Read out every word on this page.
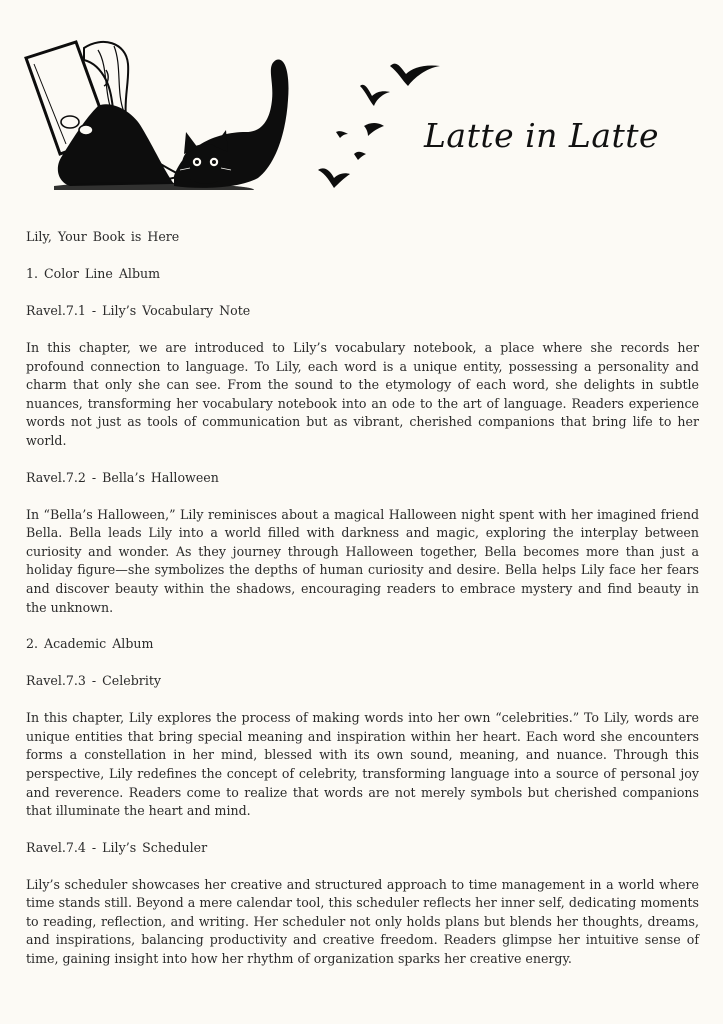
Latte in Latte

Lily, Your Book is Here

1. Color Line Album

Ravel.7.1 - Lily’s Vocabulary Note

In this chapter, we are introduced to Lily’s vocabulary notebook, a place where she records her profound connection to language. To Lily, each word is a unique entity, possessing a personality and charm that only she can see. From the sound to the etymology of each word, she delights in subtle nuances, transforming her vocabulary notebook into an ode to the art of language. Readers experience words not just as tools of communication but as vibrant, cherished companions that bring life to her world.

Ravel.7.2 - Bella’s Halloween

In “Bella’s Halloween,” Lily reminisces about a magical Halloween night spent with her imagined friend Bella. Bella leads Lily into a world filled with darkness and magic, exploring the interplay between curiosity and wonder. As they journey through Halloween together, Bella becomes more than just a holiday figure—she symbolizes the depths of human curiosity and desire. Bella helps Lily face her fears and discover beauty within the shadows, encouraging readers to embrace mystery and find beauty in the unknown.

2. Academic Album

Ravel.7.3 - Celebrity

In this chapter, Lily explores the process of making words into her own “celebrities.” To Lily, words are unique entities that bring special meaning and inspiration within her heart. Each word she encounters forms a constellation in her mind, blessed with its own sound, meaning, and nuance. Through this perspective, Lily redefines the concept of celebrity, transforming language into a source of personal joy and reverence. Readers come to realize that words are not merely symbols but cherished companions that illuminate the heart and mind.

Ravel.7.4 - Lily’s Scheduler

Lily’s scheduler showcases her creative and structured approach to time management in a world where time stands still. Beyond a mere calendar tool, this scheduler reflects her inner self, dedicating moments to reading, reflection, and writing. Her scheduler not only holds plans but blends her thoughts, dreams, and inspirations, balancing productivity and creative freedom. Readers glimpse her intuitive sense of time, gaining insight into how her rhythm of organization sparks her creative energy.
